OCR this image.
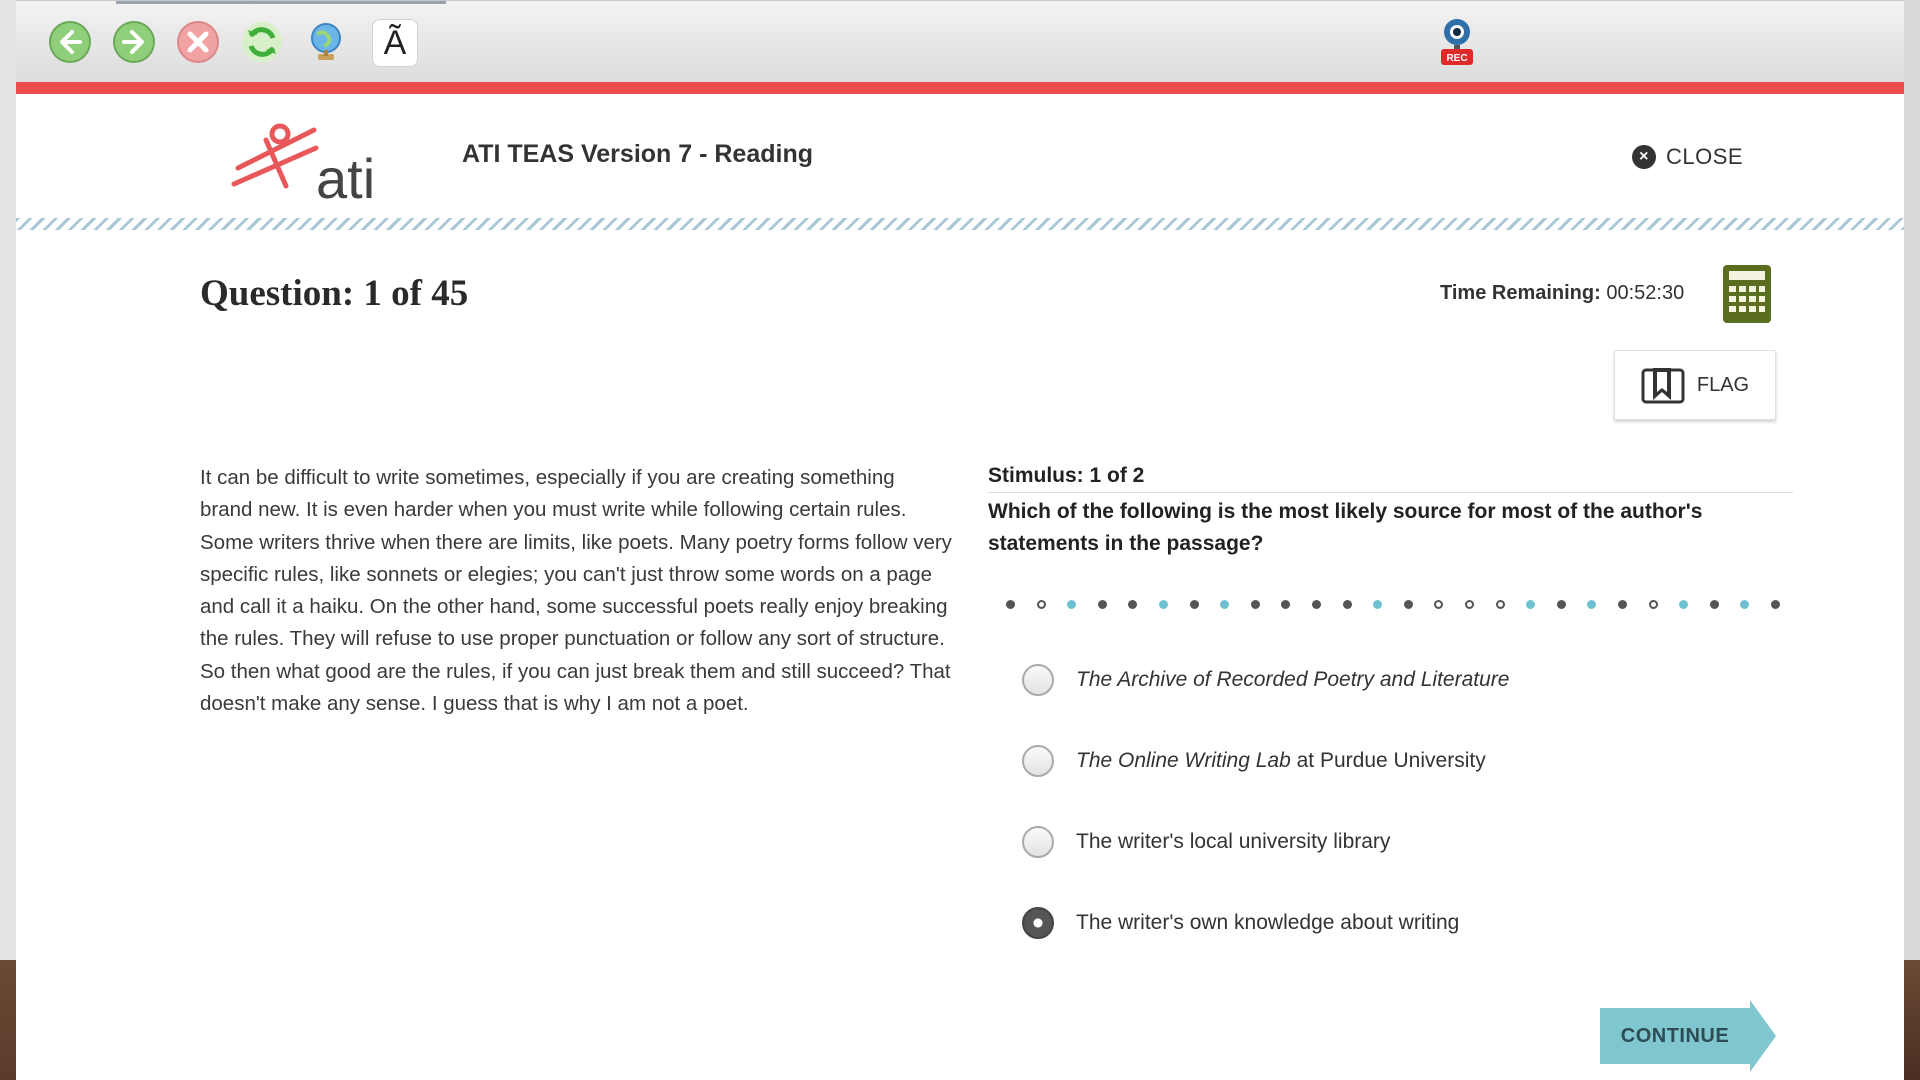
Ã	REC
ati	ATI TEAS Version 7 - Reading	× CLOSE
Question: 1 of 45	Time Remaining: 00:52:30
FLAG
It can be difficult to write sometimes, especially if you are creating something brand new. It is even harder when you must write while following certain rules. Some writers thrive when there are limits, like poets. Many poetry forms follow very specific rules, like sonnets or elegies; you can't just throw some words on a page and call it a haiku. On the other hand, some successful poets really enjoy breaking the rules. They will refuse to use proper punctuation or follow any sort of structure. So then what good are the rules, if you can just break them and still succeed? That doesn't make any sense. I guess that is why I am not a poet.
Stimulus: 1 of 2
Which of the following is the most likely source for most of the author's statements in the passage?
The Archive of Recorded Poetry and Literature
The Online Writing Lab at Purdue University
The writer's local university library
The writer's own knowledge about writing
CONTINUE
